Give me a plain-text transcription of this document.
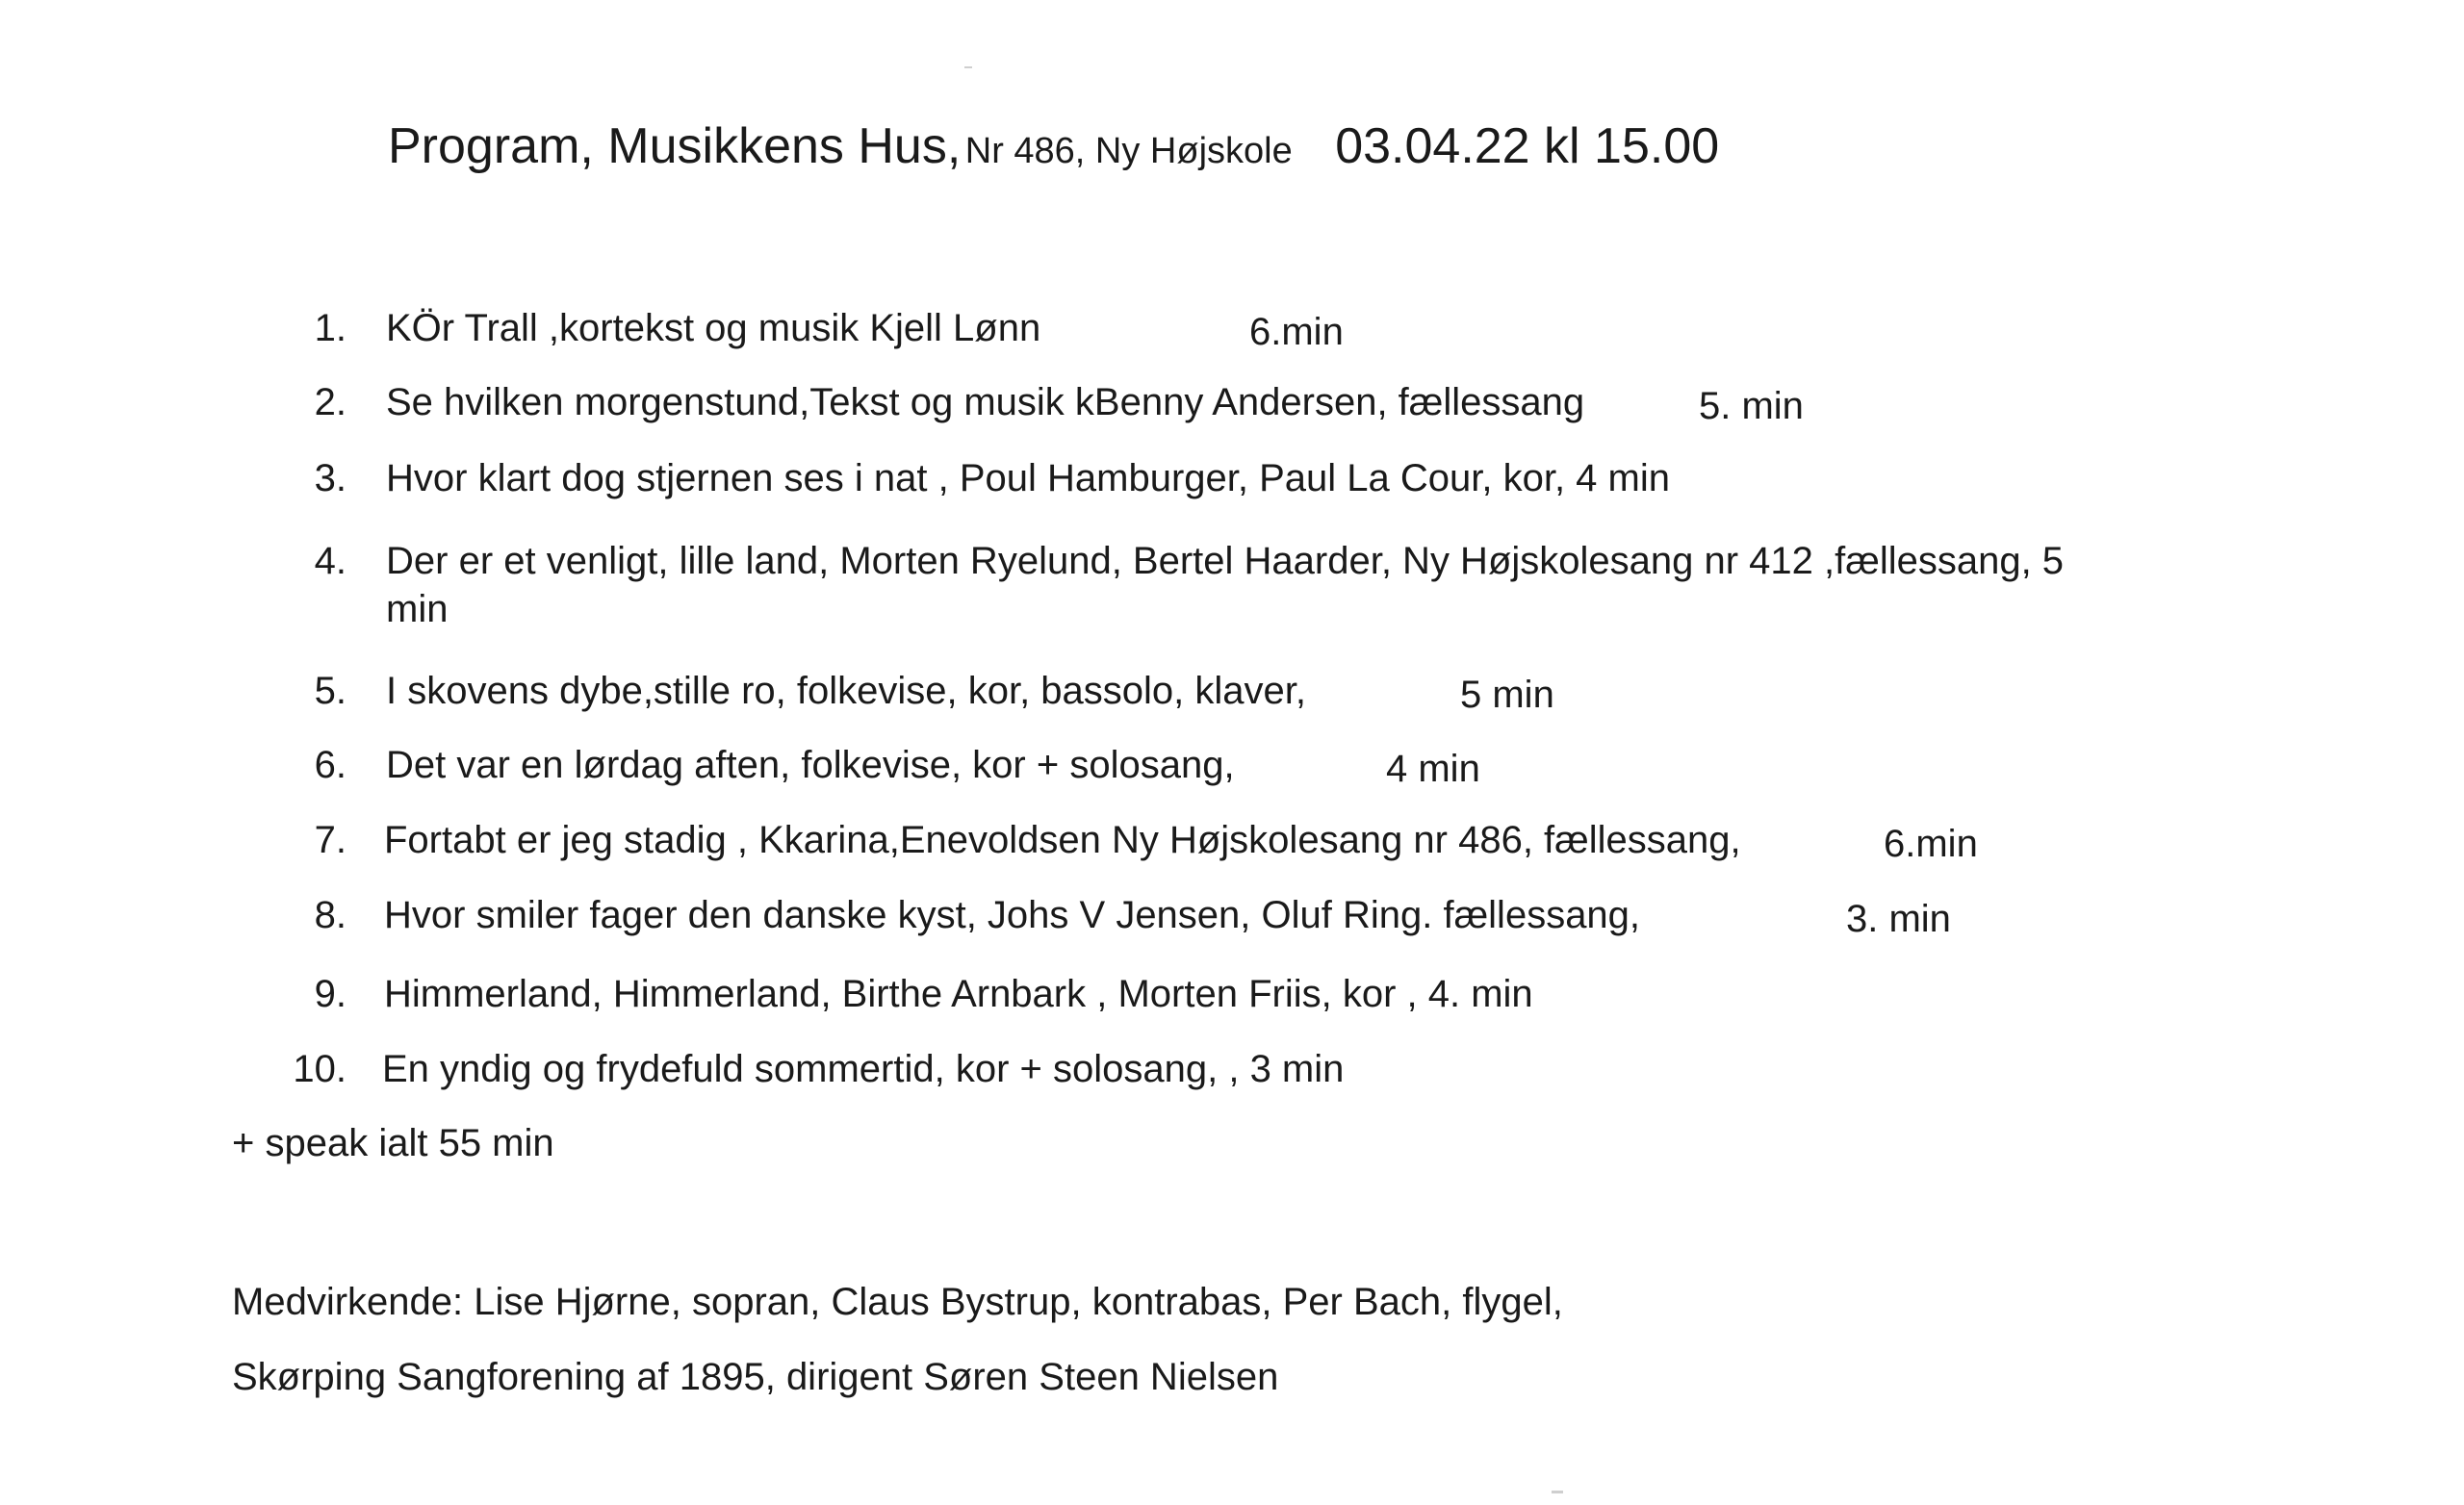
Program, Musikkens Hus, Nr 486, Ny Højskole 03.04.22 kl 15.00
1. KÖr Trall ,kortekst og musik Kjell Lønn	6.min
2. Se hvilken morgenstund,Tekst og musik kBenny Andersen, fællessang	5. min
3. Hvor klart dog stjernen ses i nat , Poul Hamburger, Paul La Cour, kor, 4 min
4. Der er et venligt, lille land, Morten Ryelund, Bertel Haarder, Ny Højskolesang nr 412 ,fællessang, 5
min
5. I skovens dybe,stille ro, folkevise, kor, bassolo, klaver,	5 min
6. Det var en lørdag aften, folkevise, kor + solosang,	4 min
7. Fortabt er jeg stadig , Kkarina,Enevoldsen Ny Højskolesang nr 486, fællessang,	6.min
8. Hvor smiler fager den danske kyst, Johs V Jensen, Oluf Ring. fællessang,	3. min
9. Himmerland, Himmerland, Birthe Arnbark , Morten Friis, kor , 4. min
10. En yndig og frydefuld sommertid, kor + solosang, , 3 min
+ speak ialt 55 min
Medvirkende: Lise Hjørne, sopran, Claus Bystrup, kontrabas, Per Bach, flygel,
Skørping Sangforening af 1895, dirigent Søren Steen Nielsen
